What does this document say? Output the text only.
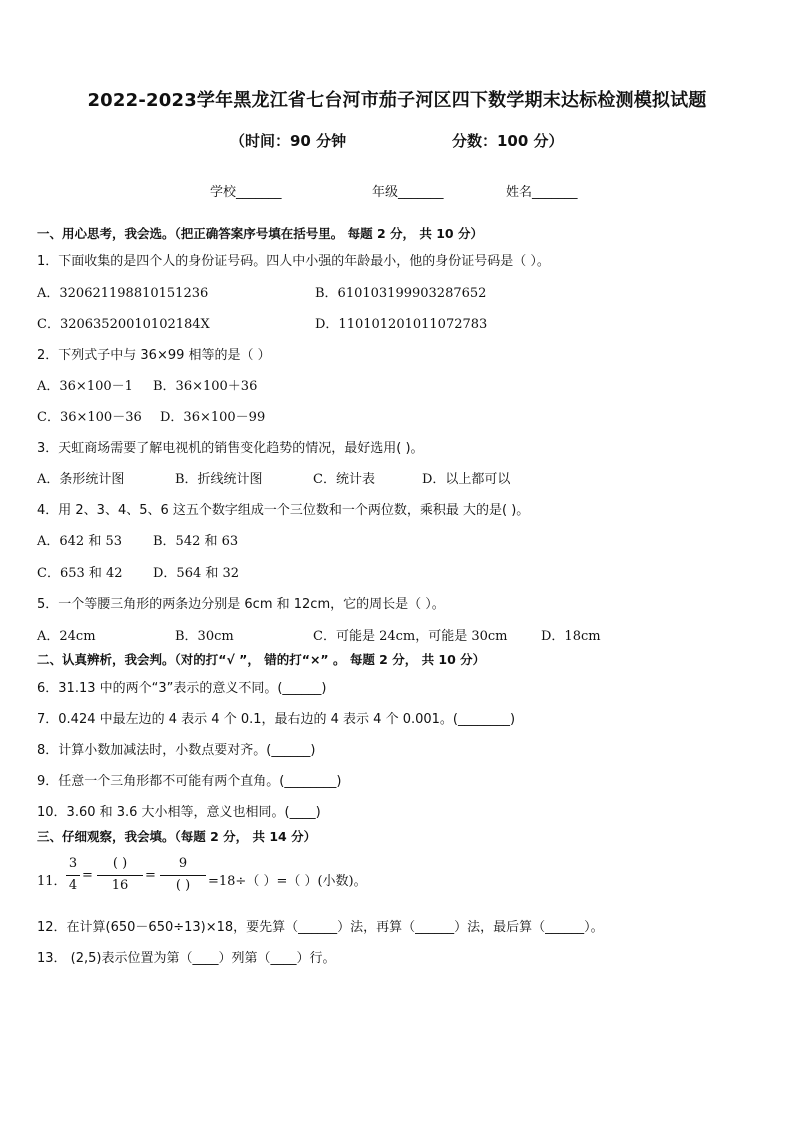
2022-2023学年黑龙江省七台河市茄子河区四下数学期末达标检测模拟试题
（时间：90 分钟	分数：100 分）
学校_______	年级_______	姓名_______
一、用心思考，我会选。（把正确答案序号填在括号里。 每题 2 分， 共 10 分）
1．下面收集的是四个人的身份证号码。四人中小强的年龄最小，他的身份证号码是（ ）。
A．320621198810151236	B．610103199903287652
C．32063520010102184X	D．110101201011072783
2．下列式子中与 36×99 相等的是（ ）
A．36×100－1 B．36×100＋36
C．36×100－36 D．36×100－99
3．天虹商场需要了解电视机的销售变化趋势的情况，最好选用( )。
A．条形统计图	B．折线统计图	C．统计表	D．以上都可以
4．用 2、3、4、5、6 这五个数字组成一个三位数和一个两位数，乘积最 大的是( )。
A．642 和 53 B．542 和 63
C．653 和 42 D．564 和 32
5．一个等腰三角形的两条边分别是 6cm 和 12cm，它的周长是（ ）。
A．24cm	B．30cm	C．可能是 24cm，可能是 30cm	D．18cm
二、认真辨析，我会判。（对的打“√ ”， 错的打“×” 。 每题 2 分， 共 10 分）
6．31.13 中的两个“3”表示的意义不同。(______)
7．0.424 中最左边的 4 表示 4 个 0.1，最右边的 4 表示 4 个 0.001。(________)
8．计算小数加减法时，小数点要对齐。(______)
9．任意一个三角形都不可能有两个直角。(________)
10．3.60 和 3.6 大小相等，意义也相同。(____)
三、仔细观察，我会填。（每题 2 分， 共 14 分）
11．
3
4
=
( )
16
=
9
( )	=18÷（ ）=（ ）(小数)。
12．在计算(650－650÷13)×18，要先算（______）法，再算（______）法，最后算（______）。
13． (2,5)表示位置为第（____）列第（____）行。
